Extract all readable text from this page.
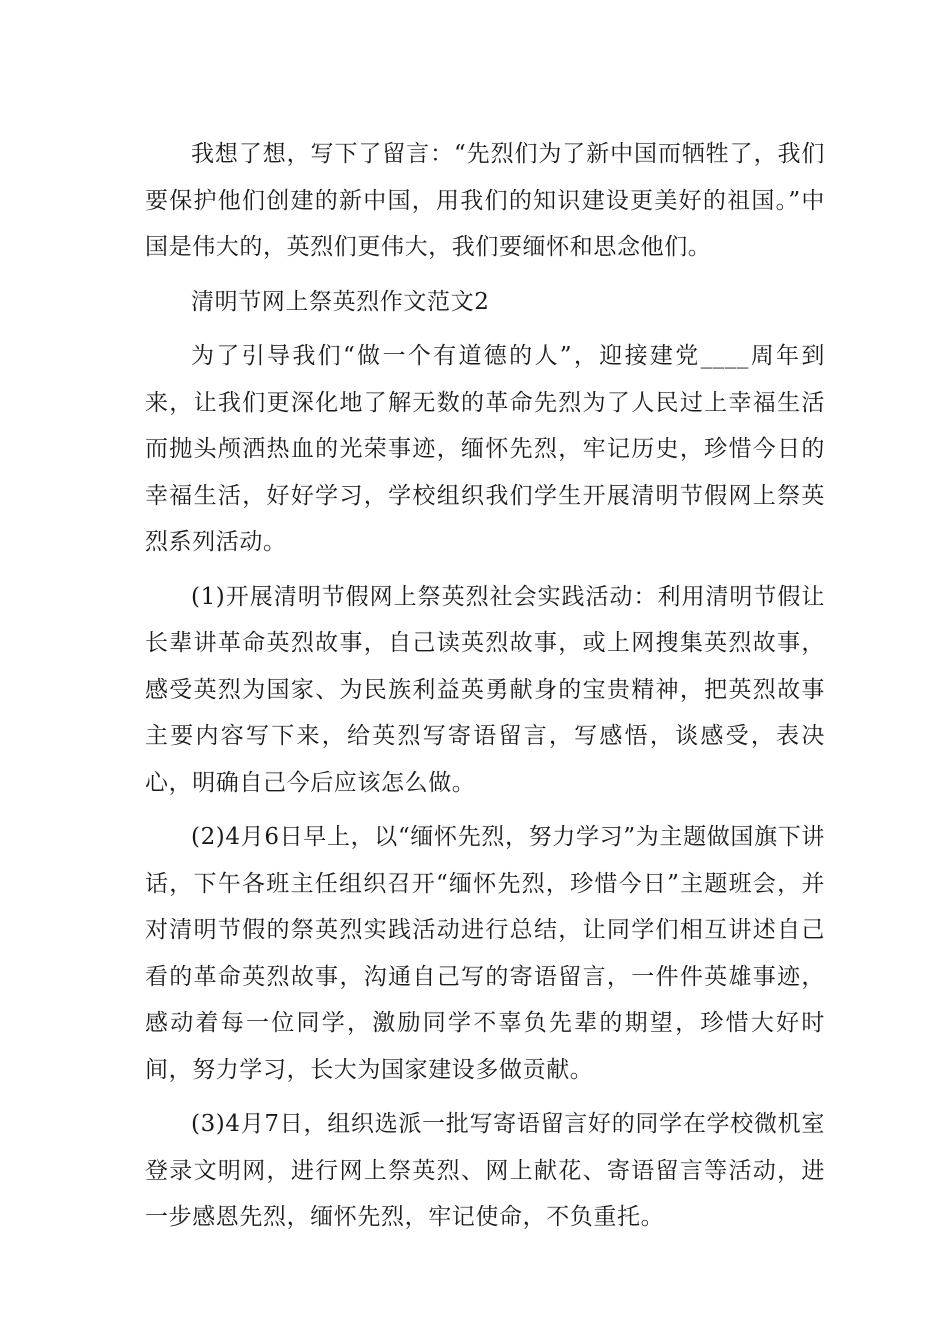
我想了想，写下了留言：“先烈们为了新中国而牺牲了，我们要保护他们创建的新中国，用我们的知识建设更美好的祖国。”中国是伟大的，英烈们更伟大，我们要缅怀和思念他们。

清明节网上祭英烈作文范文2

为了引导我们“做一个有道德的人”，迎接建党____周年到来，让我们更深化地了解无数的革命先烈为了人民过上幸福生活而抛头颅洒热血的光荣事迹，缅怀先烈，牢记历史，珍惜今日的幸福生活，好好学习，学校组织我们学生开展清明节假网上祭英烈系列活动。

(1)开展清明节假网上祭英烈社会实践活动：利用清明节假让长辈讲革命英烈故事，自己读英烈故事，或上网搜集英烈故事，感受英烈为国家、为民族利益英勇献身的宝贵精神，把英烈故事主要内容写下来，给英烈写寄语留言，写感悟，谈感受，表决心，明确自己今后应该怎么做。

(2)4月6日早上，以“缅怀先烈，努力学习”为主题做国旗下讲话，下午各班主任组织召开“缅怀先烈，珍惜今日”主题班会，并对清明节假的祭英烈实践活动进行总结，让同学们相互讲述自己看的革命英烈故事，沟通自己写的寄语留言，一件件英雄事迹，感动着每一位同学，激励同学不辜负先辈的期望，珍惜大好时间，努力学习，长大为国家建设多做贡献。

(3)4月7日，组织选派一批写寄语留言好的同学在学校微机室登录文明网，进行网上祭英烈、网上献花、寄语留言等活动，进一步感恩先烈，缅怀先烈，牢记使命，不负重托。
